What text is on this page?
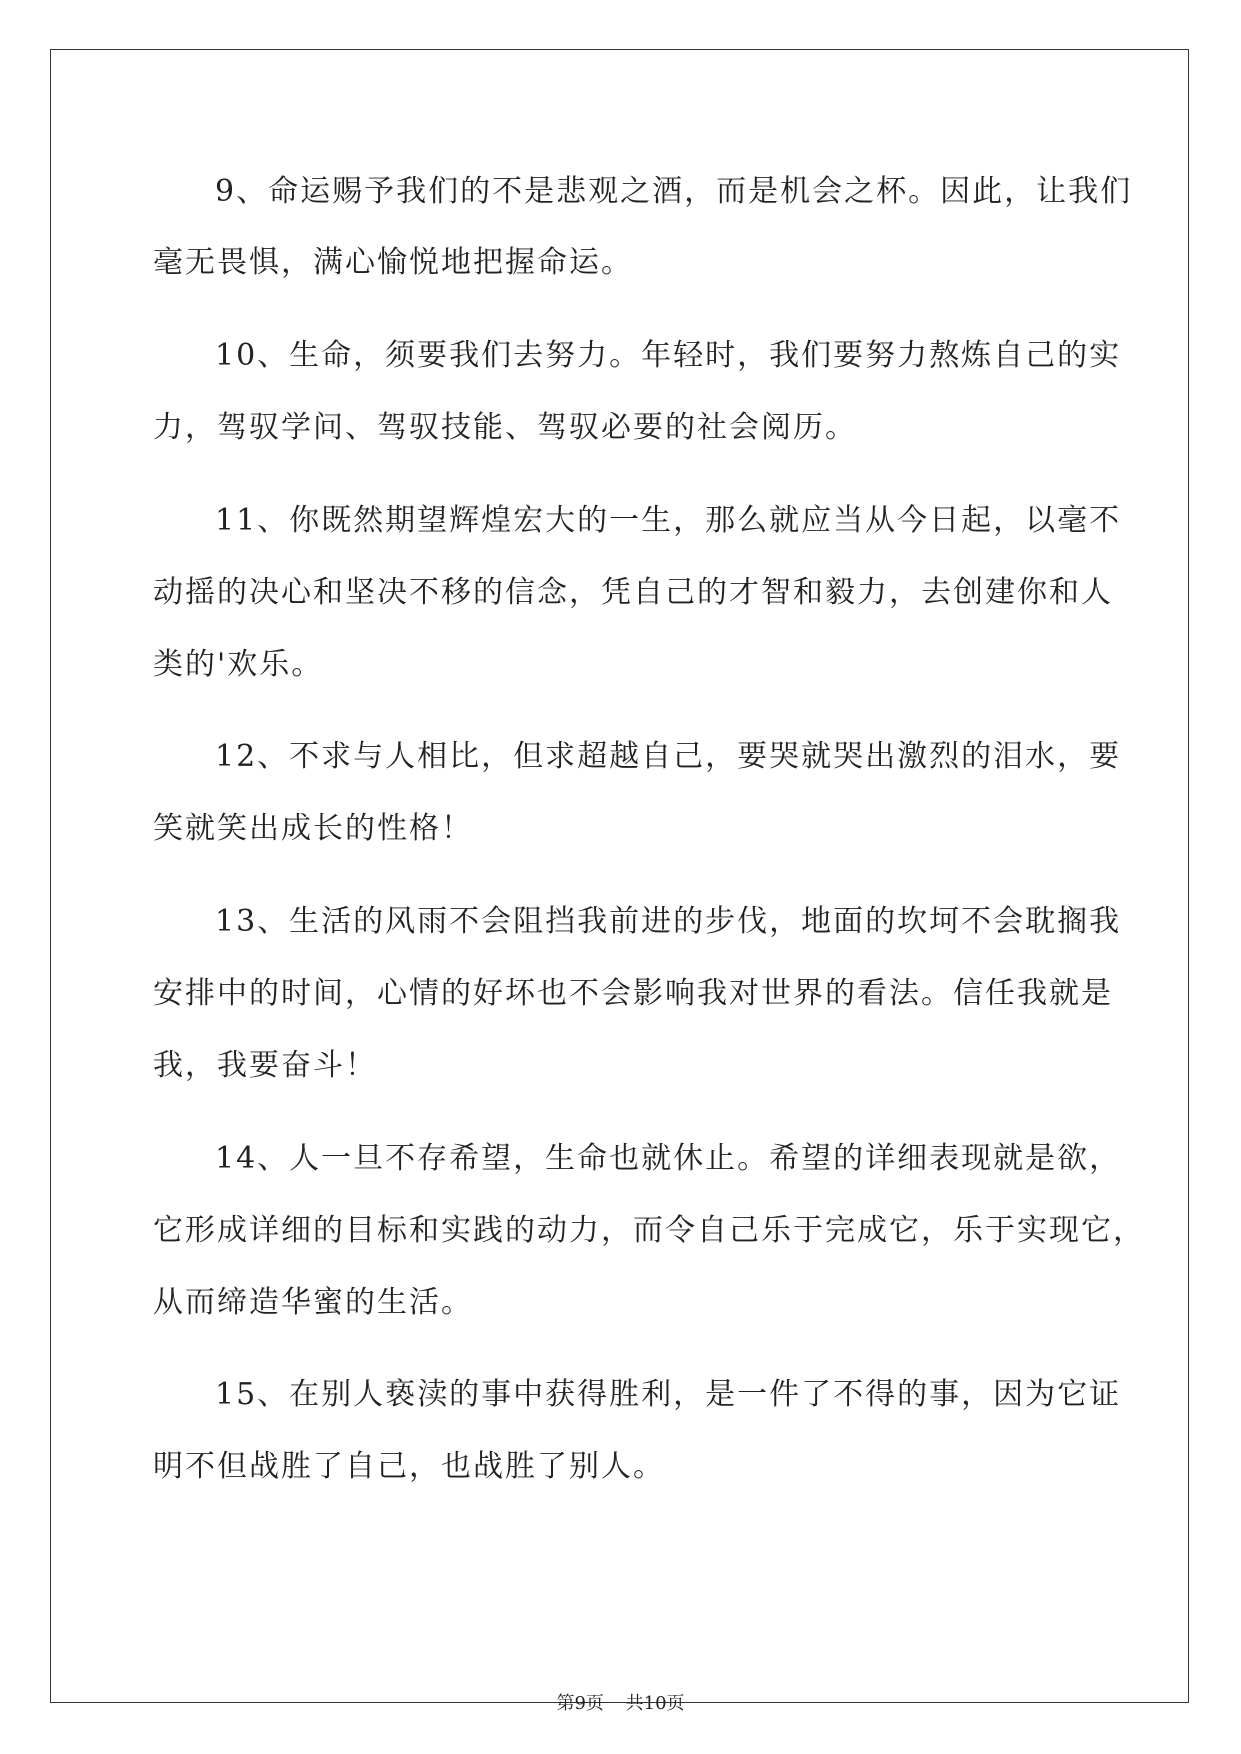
9、命运赐予我们的不是悲观之酒，而是机会之杯。因此，让我们
毫无畏惧，满心愉悦地把握命运。
10、生命，须要我们去努力。年轻时，我们要努力熬炼自己的实
力，驾驭学问、驾驭技能、驾驭必要的社会阅历。
11、你既然期望辉煌宏大的一生，那么就应当从今日起，以毫不
动摇的决心和坚决不移的信念，凭自己的才智和毅力，去创建你和人
类的'欢乐。
12、不求与人相比，但求超越自己，要哭就哭出激烈的泪水，要
笑就笑出成长的性格！
13、生活的风雨不会阻挡我前进的步伐，地面的坎坷不会耽搁我
安排中的时间，心情的好坏也不会影响我对世界的看法。信任我就是
我，我要奋斗！
14、人一旦不存希望，生命也就休止。希望的详细表现就是欲，
它形成详细的目标和实践的动力，而令自己乐于完成它，乐于实现它，
从而缔造华蜜的生活。
15、在别人亵渎的事中获得胜利，是一件了不得的事，因为它证
明不但战胜了自己，也战胜了别人。
第9页 共10页
